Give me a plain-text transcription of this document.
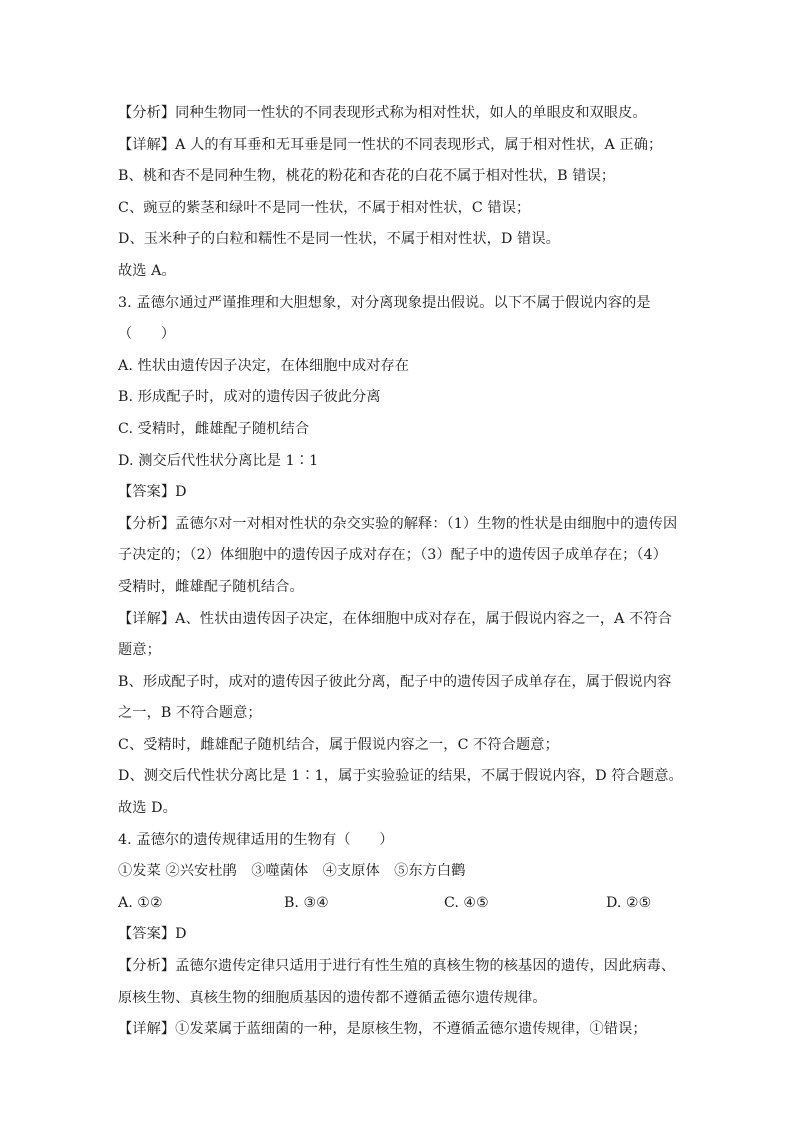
【分析】同种生物同一性状的不同表现形式称为相对性状，如人的单眼皮和双眼皮。
【详解】A 人的有耳垂和无耳垂是同一性状的不同表现形式，属于相对性状，A 正确；
B、桃和杏不是同种生物，桃花的粉花和杏花的白花不属于相对性状，B 错误；
C、豌豆的紫茎和绿叶不是同一性状，不属于相对性状，C 错误；
D、玉米种子的白粒和糯性不是同一性状，不属于相对性状，D 错误。
故选 A。
3. 孟德尔通过严谨推理和大胆想象，对分离现象提出假说。以下不属于假说内容的是
（　　）
A. 性状由遗传因子决定，在体细胞中成对存在
B. 形成配子时，成对的遗传因子彼此分离
C. 受精时，雌雄配子随机结合
D. 测交后代性状分离比是 1∶1
【答案】D
【分析】孟德尔对一对相对性状的杂交实验的解释：（1）生物的性状是由细胞中的遗传因
子决定的；（2）体细胞中的遗传因子成对存在；（3）配子中的遗传因子成单存在；（4）
受精时，雌雄配子随机结合。
【详解】A、性状由遗传因子决定，在体细胞中成对存在，属于假说内容之一，A 不符合
题意；
B、形成配子时，成对的遗传因子彼此分离，配子中的遗传因子成单存在，属于假说内容
之一，B 不符合题意；
C、受精时，雌雄配子随机结合，属于假说内容之一，C 不符合题意；
D、测交后代性状分离比是 1∶1，属于实验验证的结果，不属于假说内容，D 符合题意。
故选 D。
4. 孟德尔的遗传规律适用的生物有（　　）
①发菜 ②兴安杜鹃　③噬菌体　④支原体　⑤东方白鹳
A. ①②	B. ③④	C. ④⑤	D. ②⑤
【答案】D
【分析】孟德尔遗传定律只适用于进行有性生殖的真核生物的核基因的遗传，因此病毒、
原核生物、真核生物的细胞质基因的遗传都不遵循孟德尔遗传规律。
【详解】①发菜属于蓝细菌的一种，是原核生物，不遵循孟德尔遗传规律，①错误；
